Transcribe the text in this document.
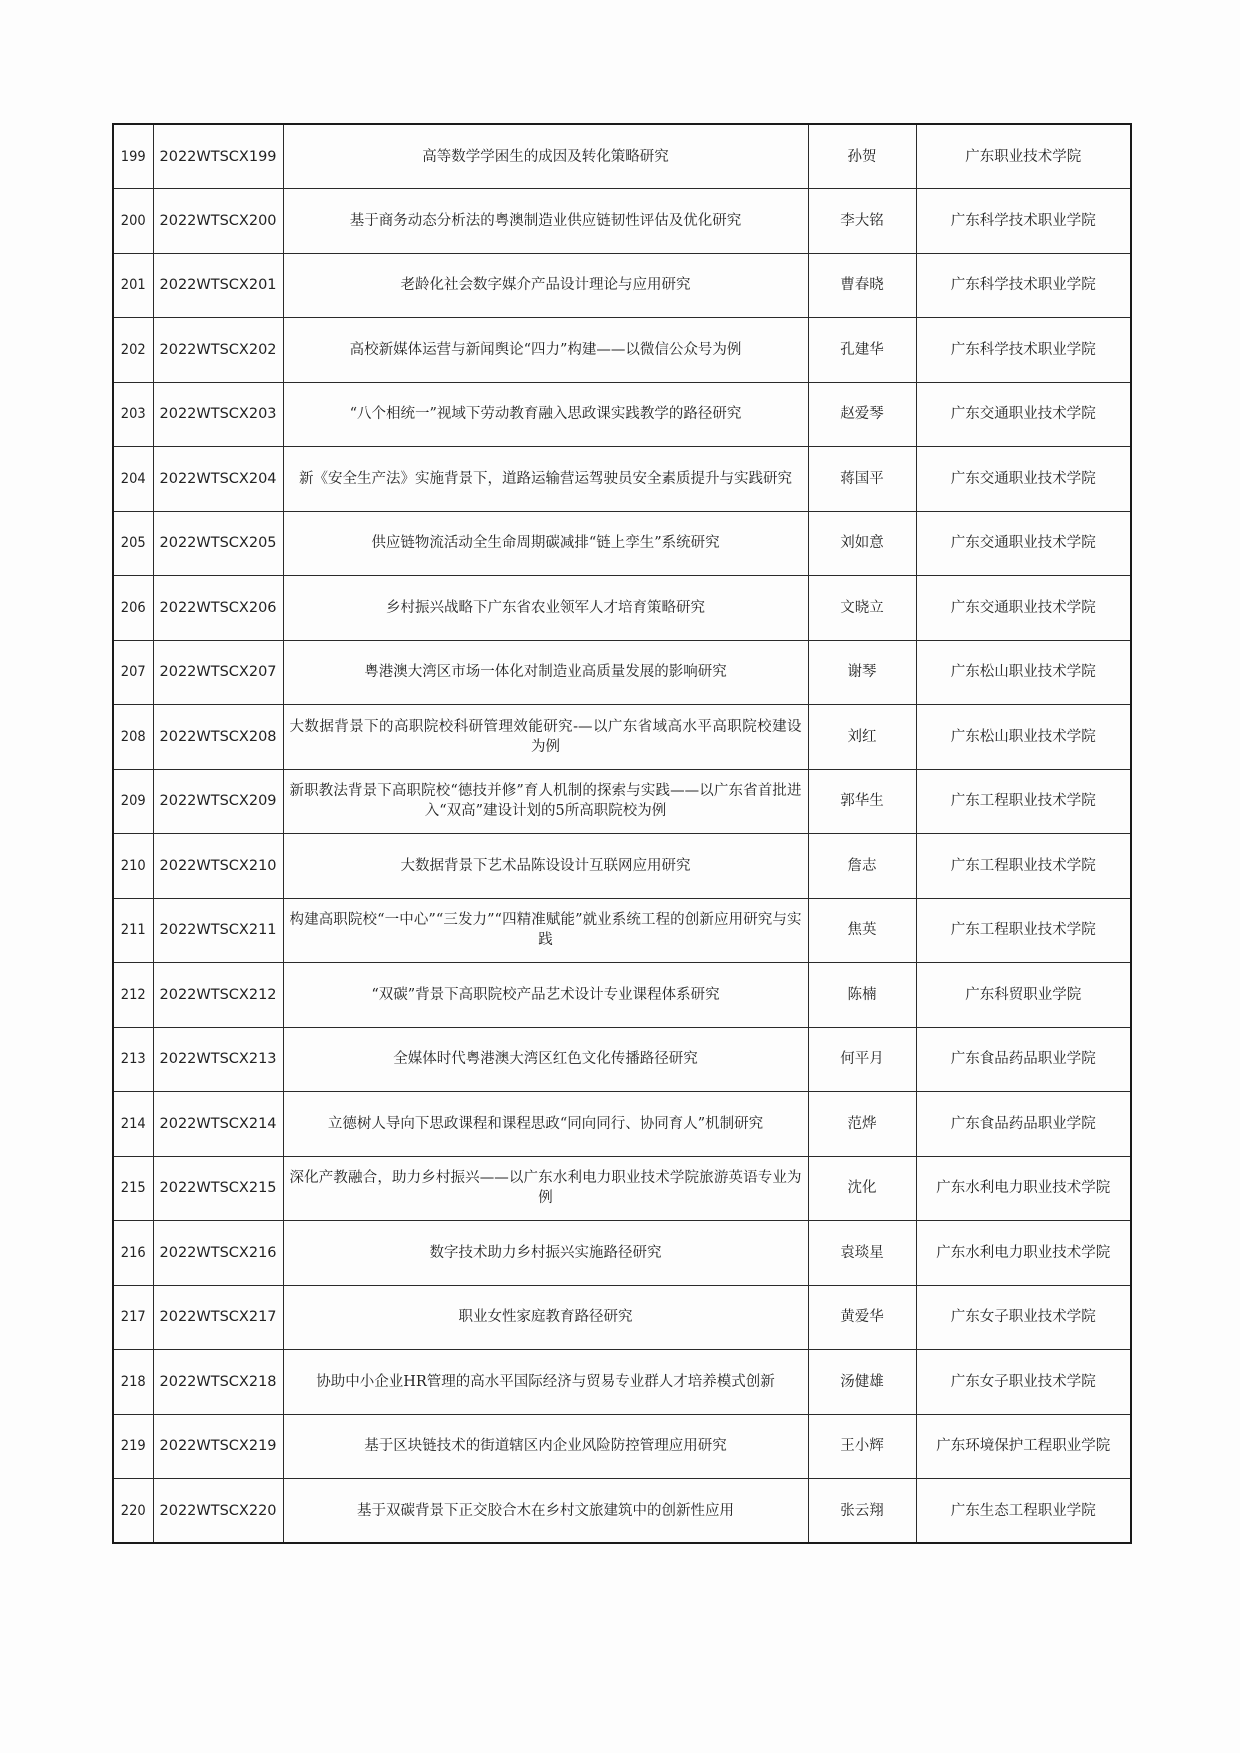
199	2022WTSCX199	高等数学学困生的成因及转化策略研究	孙贺	广东职业技术学院
200	2022WTSCX200	基于商务动态分析法的粤澳制造业供应链韧性评估及优化研究	李大铭	广东科学技术职业学院
201	2022WTSCX201	老龄化社会数字媒介产品设计理论与应用研究	曹春晓	广东科学技术职业学院
202	2022WTSCX202	高校新媒体运营与新闻舆论“四力”构建——以微信公众号为例	孔建华	广东科学技术职业学院
203	2022WTSCX203	“八个相统一”视域下劳动教育融入思政课实践教学的路径研究	赵爱琴	广东交通职业技术学院
204	2022WTSCX204	新《安全生产法》实施背景下，道路运输营运驾驶员安全素质提升与实践研究	蒋国平	广东交通职业技术学院
205	2022WTSCX205	供应链物流活动全生命周期碳减排“链上孪生”系统研究	刘如意	广东交通职业技术学院
206	2022WTSCX206	乡村振兴战略下广东省农业领军人才培育策略研究	文晓立	广东交通职业技术学院
207	2022WTSCX207	粤港澳大湾区市场一体化对制造业高质量发展的影响研究	谢琴	广东松山职业技术学院
208	2022WTSCX208	大数据背景下的高职院校科研管理效能研究-—以广东省域高水平高职院校建设为例	刘红	广东松山职业技术学院
209	2022WTSCX209	新职教法背景下高职院校“德技并修”育人机制的探索与实践——以广东省首批进入“双高”建设计划的5所高职院校为例	郭华生	广东工程职业技术学院
210	2022WTSCX210	大数据背景下艺术品陈设设计互联网应用研究	詹志	广东工程职业技术学院
211	2022WTSCX211	构建高职院校“一中心”“三发力”“四精准赋能”就业系统工程的创新应用研究与实践	焦英	广东工程职业技术学院
212	2022WTSCX212	“双碳”背景下高职院校产品艺术设计专业课程体系研究	陈楠	广东科贸职业学院
213	2022WTSCX213	全媒体时代粤港澳大湾区红色文化传播路径研究	何平月	广东食品药品职业学院
214	2022WTSCX214	立德树人导向下思政课程和课程思政“同向同行、协同育人”机制研究	范烨	广东食品药品职业学院
215	2022WTSCX215	深化产教融合，助力乡村振兴——以广东水利电力职业技术学院旅游英语专业为例	沈化	广东水利电力职业技术学院
216	2022WTSCX216	数字技术助力乡村振兴实施路径研究	袁琰星	广东水利电力职业技术学院
217	2022WTSCX217	职业女性家庭教育路径研究	黄爱华	广东女子职业技术学院
218	2022WTSCX218	协助中小企业HR管理的高水平国际经济与贸易专业群人才培养模式创新	汤健雄	广东女子职业技术学院
219	2022WTSCX219	基于区块链技术的街道辖区内企业风险防控管理应用研究	王小辉	广东环境保护工程职业学院
220	2022WTSCX220	基于双碳背景下正交胶合木在乡村文旅建筑中的创新性应用	张云翔	广东生态工程职业学院
